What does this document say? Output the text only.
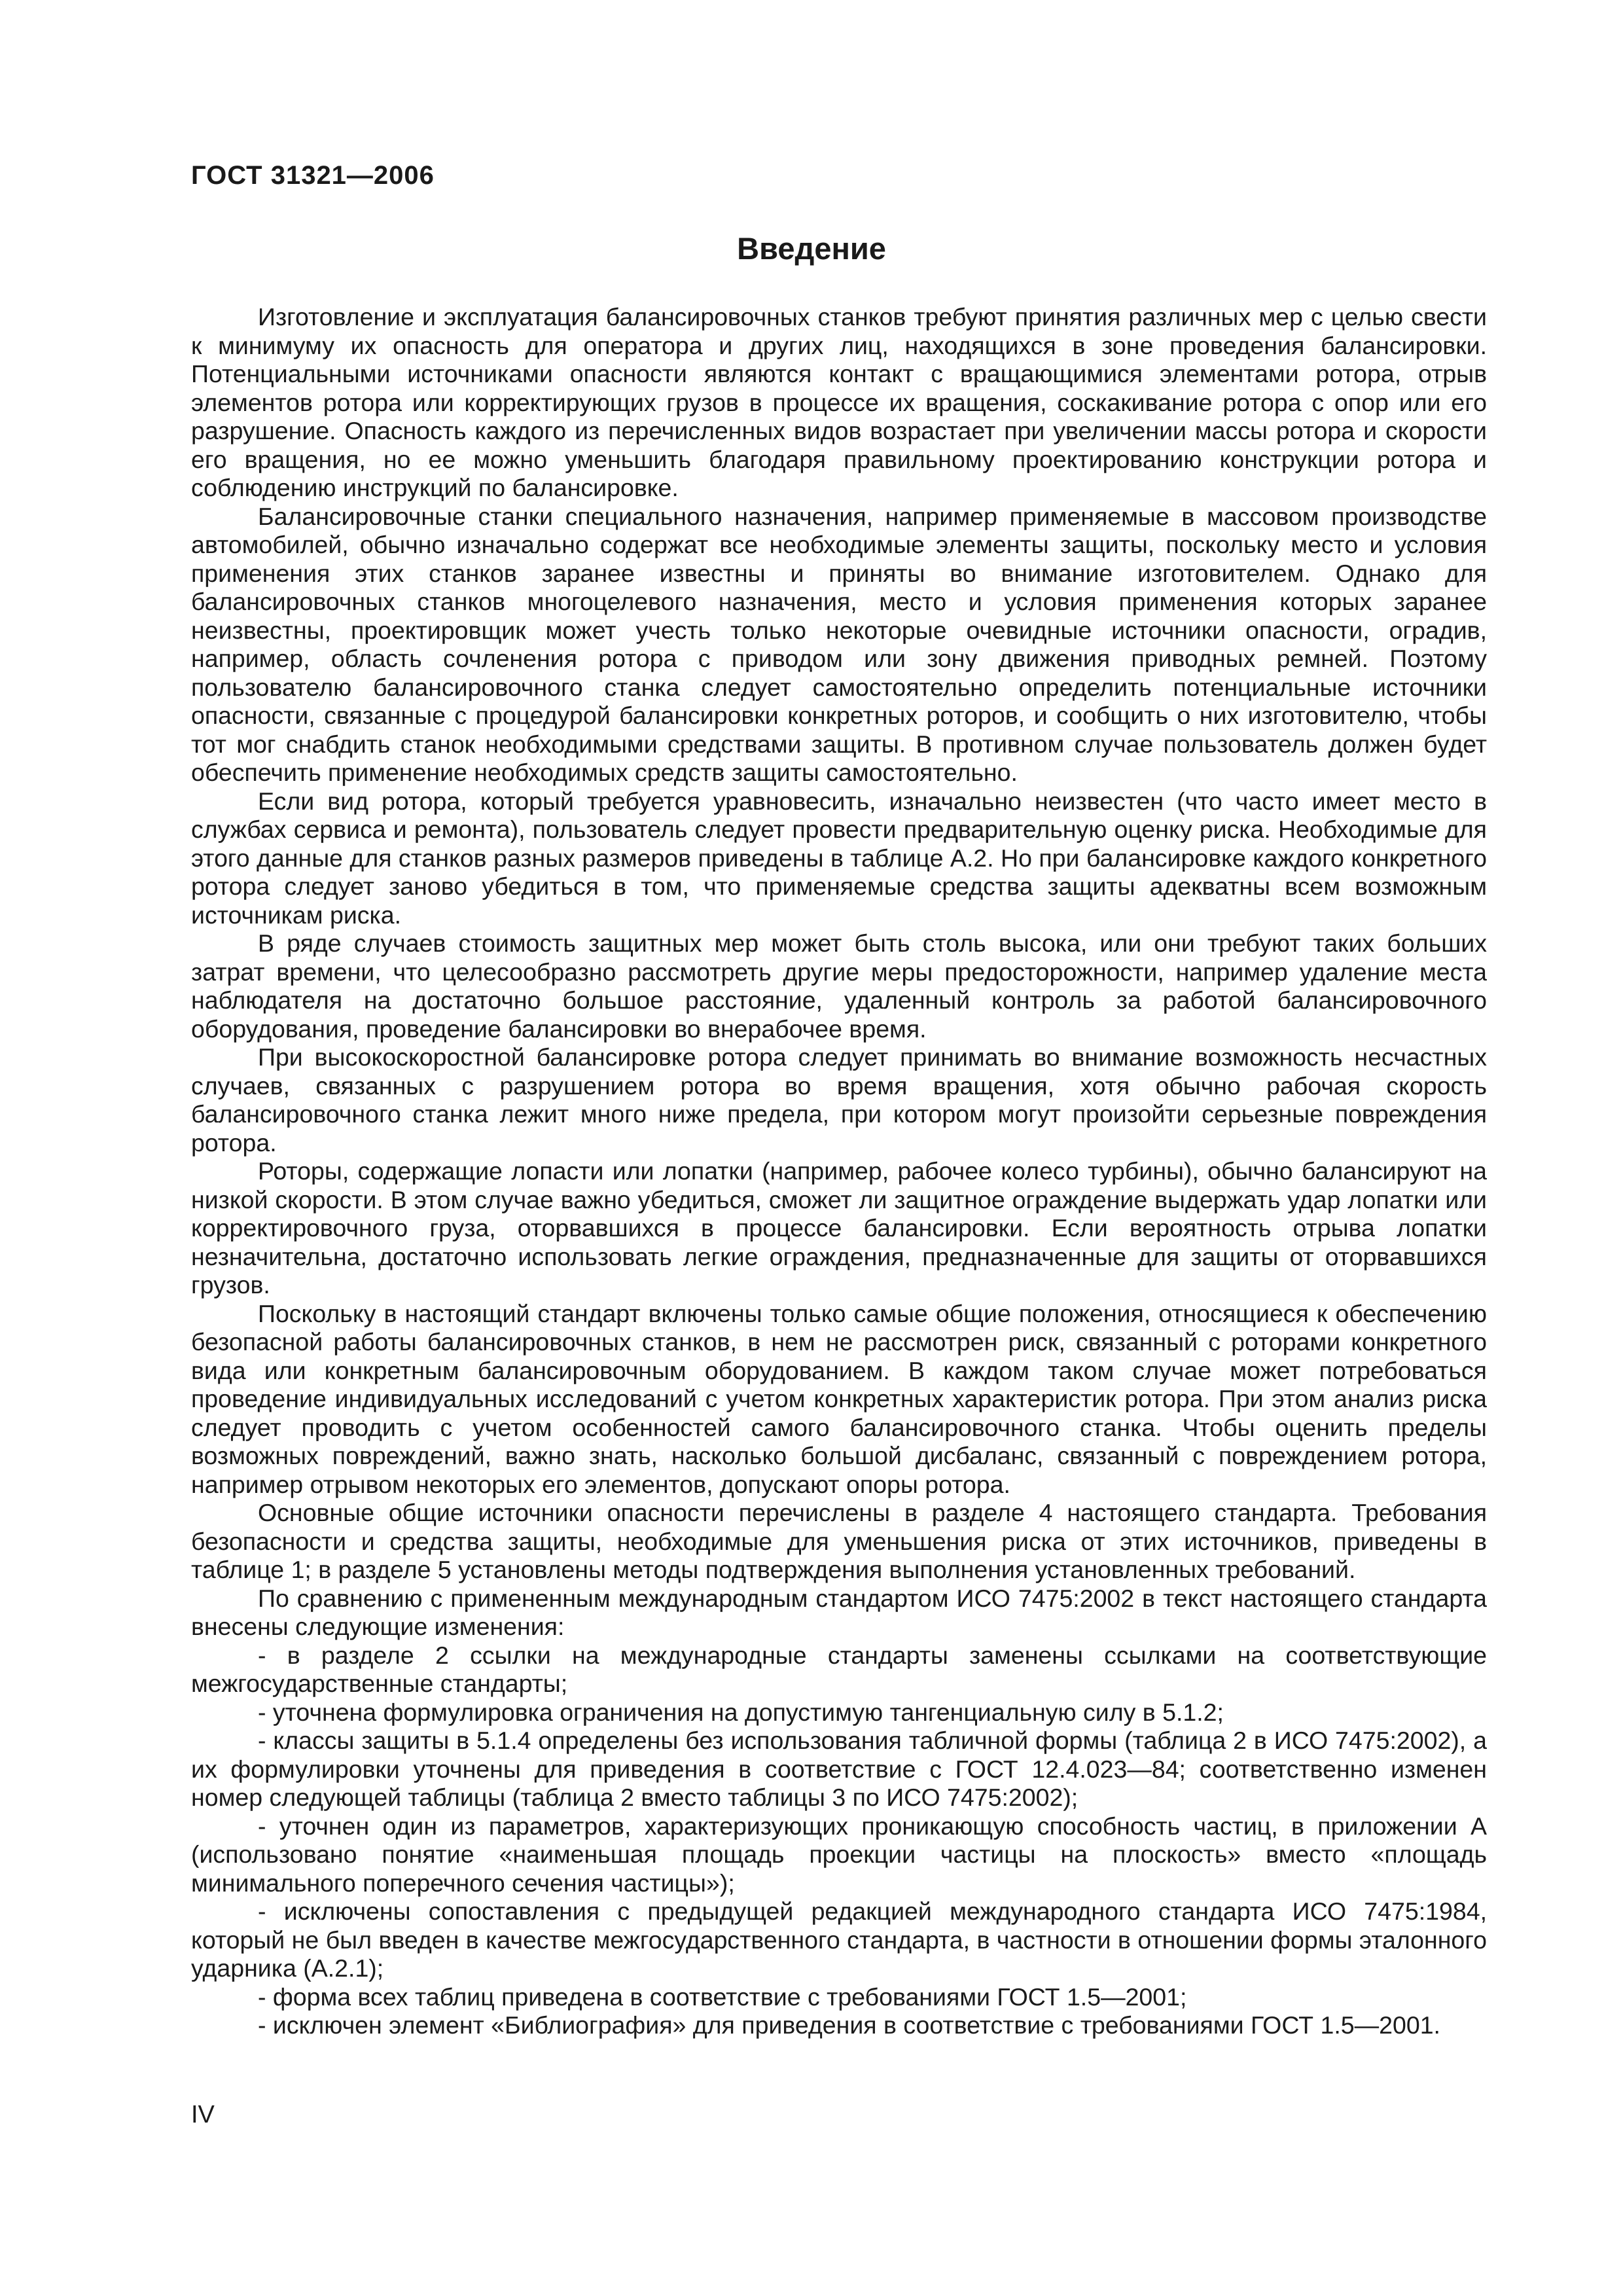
ГОСТ 31321—2006
Введение

Изготовление и эксплуатация балансировочных станков требуют принятия различных мер с целью свести к минимуму их опасность для оператора и других лиц, находящихся в зоне проведения балансировки. Потенциальными источниками опасности являются контакт с вращающимися элементами ротора, отрыв элементов ротора или корректирующих грузов в процессе их вращения, соскакивание ротора с опор или его разрушение. Опасность каждого из перечисленных видов возрастает при увеличении массы ротора и скорости его вращения, но ее можно уменьшить благодаря правильному проектированию конструкции ротора и соблюдению инструкций по балансировке.

Балансировочные станки специального назначения, например применяемые в массовом производстве автомобилей, обычно изначально содержат все необходимые элементы защиты, поскольку место и условия применения этих станков заранее известны и приняты во внимание изготовителем. Однако для балансировочных станков многоцелевого назначения, место и условия применения которых заранее неизвестны, проектировщик может учесть только некоторые очевидные источники опасности, оградив, например, область сочленения ротора с приводом или зону движения приводных ремней. Поэтому пользователю балансировочного станка следует самостоятельно определить потенциальные источники опасности, связанные с процедурой балансировки конкретных роторов, и сообщить о них изготовителю, чтобы тот мог снабдить станок необходимыми средствами защиты. В противном случае пользователь должен будет обеспечить применение необходимых средств защиты самостоятельно.

Если вид ротора, который требуется уравновесить, изначально неизвестен (что часто имеет место в службах сервиса и ремонта), пользователь следует провести предварительную оценку риска. Необходимые для этого данные для станков разных размеров приведены в таблице А.2. Но при балансировке каждого конкретного ротора следует заново убедиться в том, что применяемые средства защиты адекватны всем возможным источникам риска.

В ряде случаев стоимость защитных мер может быть столь высока, или они требуют таких больших затрат времени, что целесообразно рассмотреть другие меры предосторожности, например удаление места наблюдателя на достаточно большое расстояние, удаленный контроль за работой балансировочного оборудования, проведение балансировки во внерабочее время.

При высокоскоростной балансировке ротора следует принимать во внимание возможность несчастных случаев, связанных с разрушением ротора во время вращения, хотя обычно рабочая скорость балансировочного станка лежит много ниже предела, при котором могут произойти серьезные повреждения ротора.

Роторы, содержащие лопасти или лопатки (например, рабочее колесо турбины), обычно балансируют на низкой скорости. В этом случае важно убедиться, сможет ли защитное ограждение выдержать удар лопатки или корректировочного груза, оторвавшихся в процессе балансировки. Если вероятность отрыва лопатки незначительна, достаточно использовать легкие ограждения, предназначенные для защиты от оторвавшихся грузов.

Поскольку в настоящий стандарт включены только самые общие положения, относящиеся к обеспечению безопасной работы балансировочных станков, в нем не рассмотрен риск, связанный с роторами конкретного вида или конкретным балансировочным оборудованием. В каждом таком случае может потребоваться проведение индивидуальных исследований с учетом конкретных характеристик ротора. При этом анализ риска следует проводить с учетом особенностей самого балансировочного станка. Чтобы оценить пределы возможных повреждений, важно знать, насколько большой дисбаланс, связанный с повреждением ротора, например отрывом некоторых его элементов, допускают опоры ротора.

Основные общие источники опасности перечислены в разделе 4 настоящего стандарта. Требования безопасности и средства защиты, необходимые для уменьшения риска от этих источников, приведены в таблице 1; в разделе 5 установлены методы подтверждения выполнения установленных требований.

По сравнению с примененным международным стандартом ИСО 7475:2002 в текст настоящего стандарта внесены следующие изменения:

- в разделе 2 ссылки на международные стандарты заменены ссылками на соответствующие межгосударственные стандарты;

- уточнена формулировка ограничения на допустимую тангенциальную силу в 5.1.2;

- классы защиты в 5.1.4 определены без использования табличной формы (таблица 2 в ИСО 7475:2002), а их формулировки уточнены для приведения в соответствие с ГОСТ 12.4.023—84; соответственно изменен номер следующей таблицы (таблица 2 вместо таблицы 3 по ИСО 7475:2002);

- уточнен один из параметров, характеризующих проникающую способность частиц, в приложении А (использовано понятие «наименьшая площадь проекции частицы на плоскость» вместо «площадь минимального поперечного сечения частицы»);

- исключены сопоставления с предыдущей редакцией международного стандарта ИСО 7475:1984, который не был введен в качестве межгосударственного стандарта, в частности в отношении формы эталонного ударника (А.2.1);

- форма всех таблиц приведена в соответствие с требованиями ГОСТ 1.5—2001;

- исключен элемент «Библиография» для приведения в соответствие с требованиями ГОСТ 1.5—2001.

IV
